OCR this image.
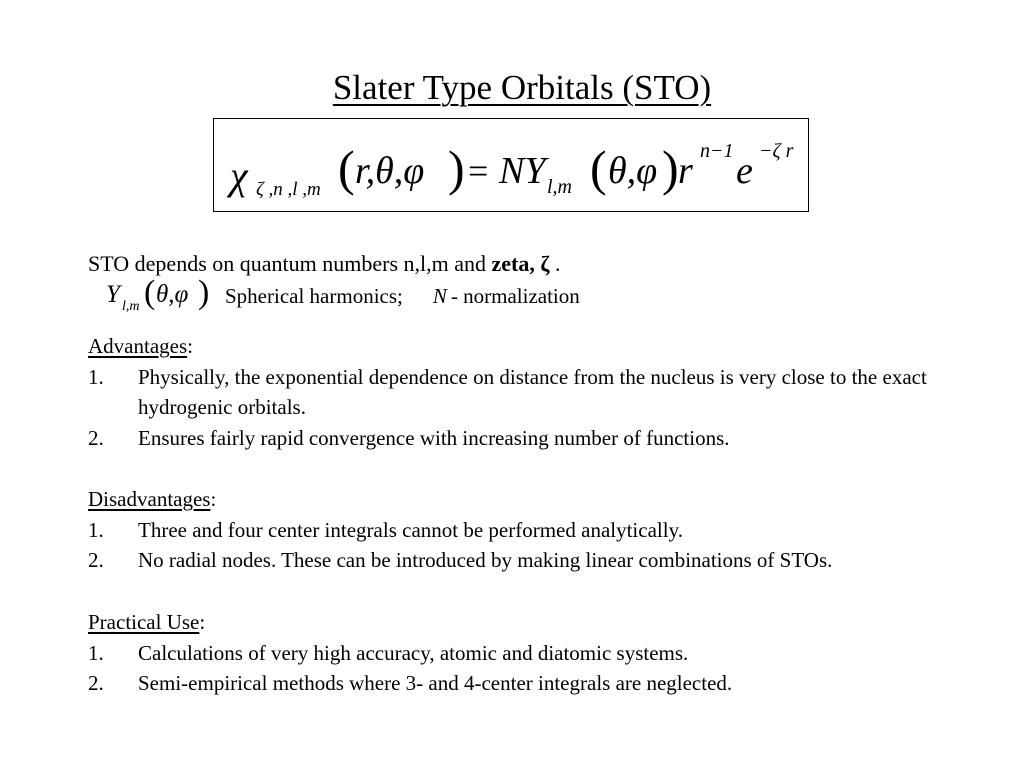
Slater Type Orbitals (STO)
χ ζ ,n ,l ,m ( r,θ,φ ) = NY l,m ( θ,φ ) r n−1 e −ζ r
STO depends on quantum numbers n,l,m and zeta, ζ .
Y l,m ( θ,φ ) Spherical harmonics; N - normalization
Advantages:
1.	Physically, the exponential dependence on distance from the nucleus is very close to the exact hydrogenic orbitals.
2.	Ensures fairly rapid convergence with increasing number of functions.
Disadvantages:
1.	Three and four center integrals cannot be performed analytically.
2.	No radial nodes. These can be introduced by making linear combinations of STOs.
Practical Use:
1.	Calculations of very high accuracy, atomic and diatomic systems.
2.	Semi-empirical methods where 3- and 4-center integrals are neglected.
